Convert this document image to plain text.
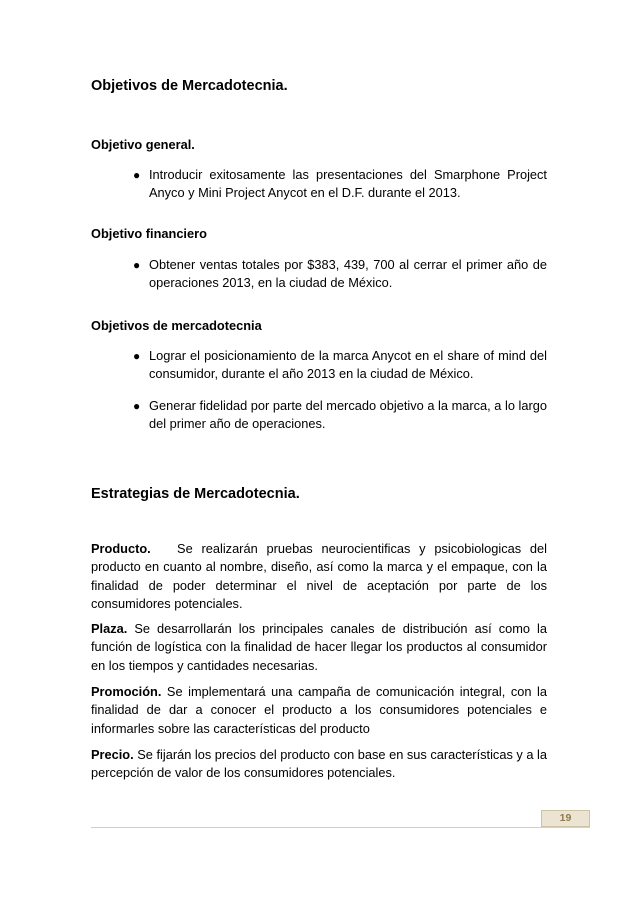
Objetivos de Mercadotecnia.
Objetivo general.
● Introducir exitosamente las presentaciones del Smarphone Project Anyco y Mini Project Anycot en el D.F. durante el 2013.
Objetivo financiero
● Obtener ventas totales por $383, 439, 700 al cerrar el primer año de operaciones 2013, en la ciudad de México.
Objetivos de mercadotecnia
● Lograr el posicionamiento de la marca Anycot en el share of mind del consumidor, durante el año 2013 en la ciudad de México.
● Generar fidelidad por parte del mercado objetivo a la marca, a lo largo del primer año de operaciones.
Estrategias de Mercadotecnia.

Producto.   Se realizarán pruebas neurocientificas y psicobiologicas del producto en cuanto al nombre, diseño, así como la marca y el empaque, con la finalidad de poder determinar el nivel de aceptación por parte de los consumidores potenciales.

Plaza. Se desarrollarán los principales canales de distribución así como la función de logística con la finalidad de hacer llegar los productos al consumidor en los tiempos y cantidades necesarias.

Promoción. Se implementará una campaña de comunicación integral, con la finalidad de dar a conocer el producto a los consumidores potenciales e informarles sobre las características del producto

Precio. Se fijarán los precios del producto con base en sus características y a la percepción de valor de los consumidores potenciales.

19
